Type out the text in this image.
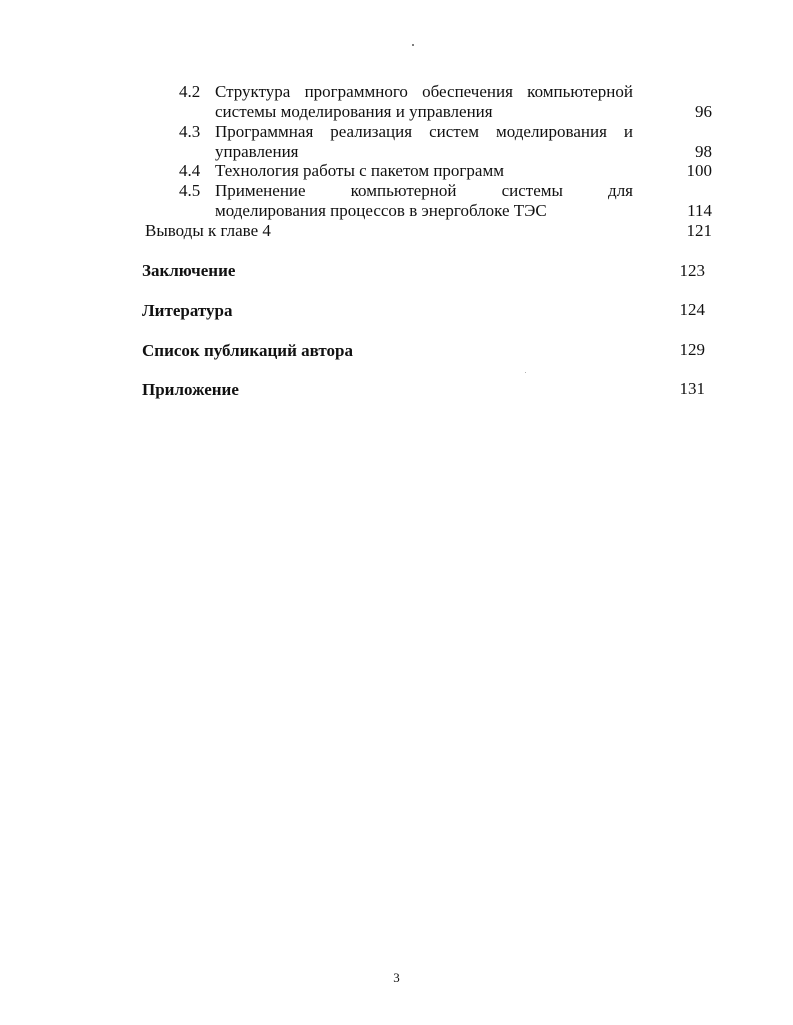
4.2 Структура программного обеспечения компьютерной
системы моделирования и управления	96
4.3 Программная реализация систем моделирования и
управления	98
4.4 Технология работы с пакетом программ	100
4.5 Применение компьютерной системы для
моделирования процессов в энергоблоке ТЭС	114
Выводы к главе 4	121
Заключение	123
Литература	124
Список публикаций автора	129
Приложение	131
3
